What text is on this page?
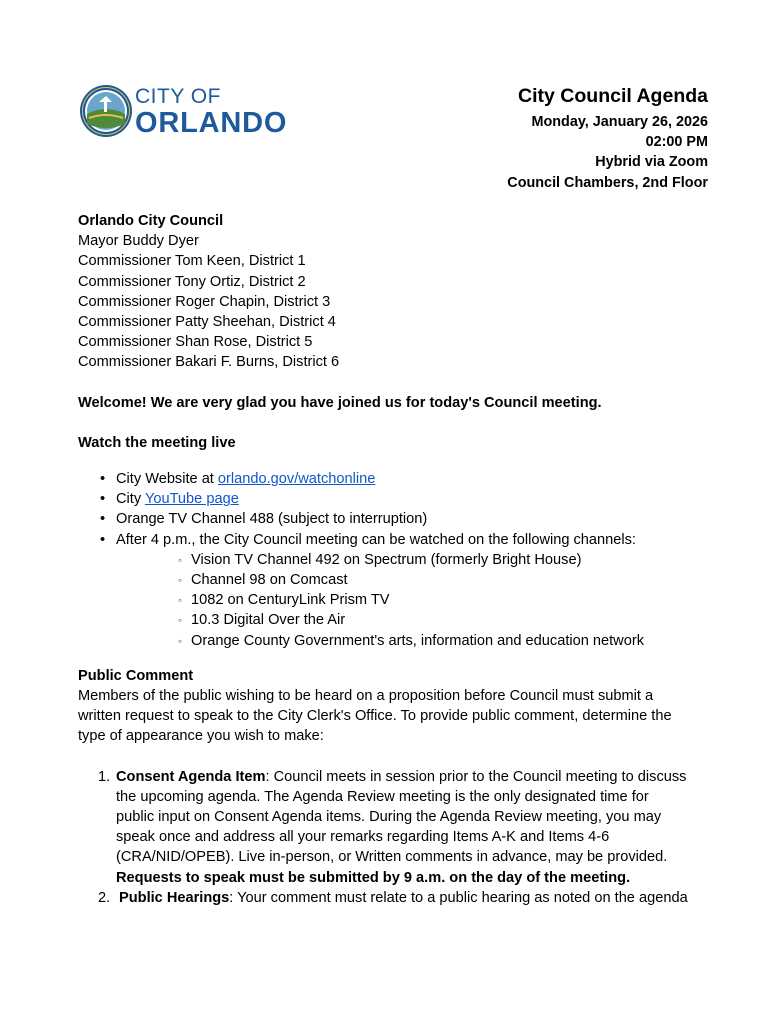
CITY OF
ORLANDO
City Council Agenda
Monday, January 26, 2026
02:00 PM
Hybrid via Zoom
Council Chambers, 2nd Floor
Orlando City Council
Mayor Buddy Dyer
Commissioner Tom Keen, District 1
Commissioner Tony Ortiz, District 2
Commissioner Roger Chapin, District 3
Commissioner Patty Sheehan, District 4
Commissioner Shan Rose, District 5
Commissioner Bakari F. Burns, District 6
Welcome! We are very glad you have joined us for today's Council meeting.
Watch the meeting live
• City Website at orlando.gov/watchonline
• City YouTube page
• Orange TV Channel 488 (subject to interruption)
• After 4 p.m., the City Council meeting can be watched on the following channels:
◦ Vision TV Channel 492 on Spectrum (formerly Bright House)
◦ Channel 98 on Comcast
◦ 1082 on CenturyLink Prism TV
◦ 10.3 Digital Over the Air
◦ Orange County Government's arts, information and education network
Public Comment
Members of the public wishing to be heard on a proposition before Council must submit a
written request to speak to the City Clerk's Office. To provide public comment, determine the
type of appearance you wish to make:
1. Consent Agenda Item: Council meets in session prior to the Council meeting to discuss
the upcoming agenda. The Agenda Review meeting is the only designated time for
public input on Consent Agenda items. During the Agenda Review meeting, you may
speak once and address all your remarks regarding Items A-K and Items 4-6
(CRA/NID/OPEB). Live in-person, or Written comments in advance, may be provided.
Requests to speak must be submitted by 9 a.m. on the day of the meeting.
2. Public Hearings: Your comment must relate to a public hearing as noted on the agenda
